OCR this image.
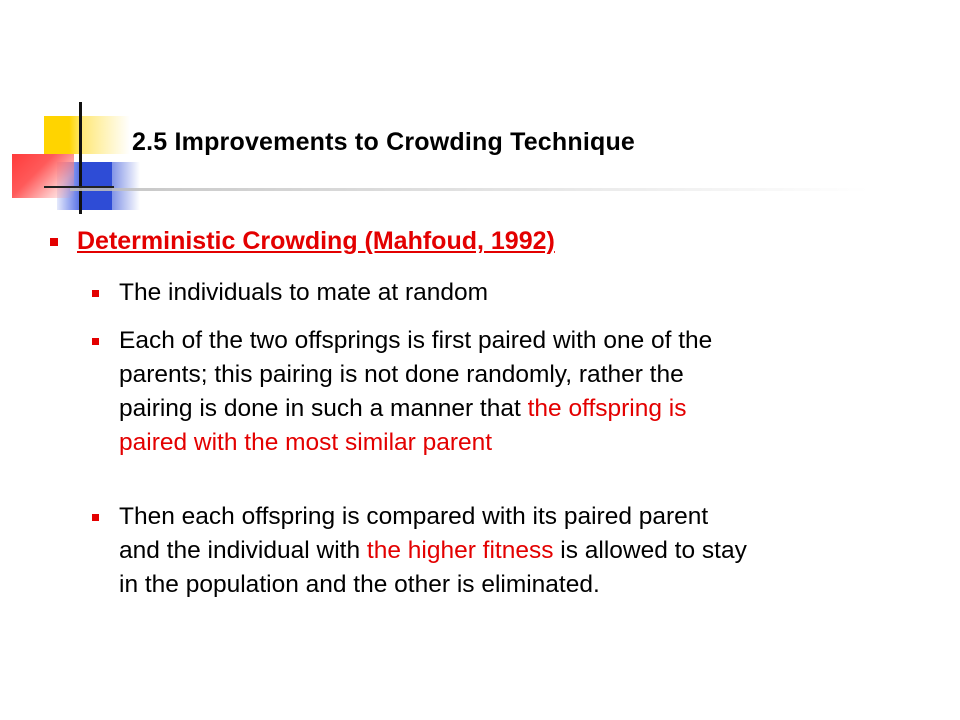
2.5 Improvements to Crowding Technique
Deterministic Crowding (Mahfoud, 1992)
The individuals to mate at random
Each of the two offsprings is first paired with one of the
parents; this pairing is not done randomly, rather the
pairing is done in such a manner that the offspring is
paired with the most similar parent
Then each offspring is compared with its paired parent
and the individual with the higher fitness is allowed to stay
in the population and the other is eliminated.
